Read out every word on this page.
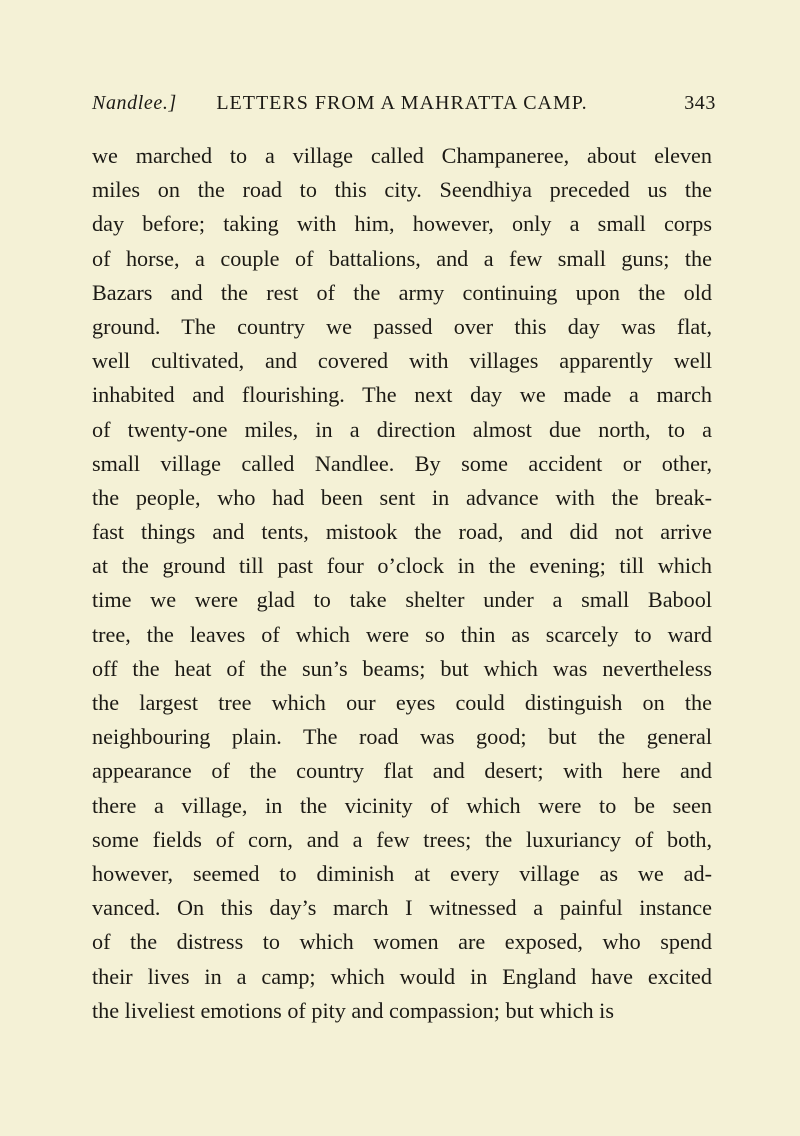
Nandlee.]	LETTERS FROM A MAHRATTA CAMP.	343
we marched to a village called Champaneree, about eleven
miles on the road to this city. Seendhiya preceded us the
day before; taking with him, however, only a small corps
of horse, a couple of battalions, and a few small guns; the
Bazars and the rest of the army continuing upon the old
ground. The country we passed over this day was flat,
well cultivated, and covered with villages apparently well
inhabited and flourishing. The next day we made a march
of twenty-one miles, in a direction almost due north, to a
small village called Nandlee. By some accident or other,
the people, who had been sent in advance with the break-
fast things and tents, mistook the road, and did not arrive
at the ground till past four o’clock in the evening; till which
time we were glad to take shelter under a small Babool
tree, the leaves of which were so thin as scarcely to ward
off the heat of the sun’s beams; but which was nevertheless
the largest tree which our eyes could distinguish on the
neighbouring plain. The road was good; but the general
appearance of the country flat and desert; with here and
there a village, in the vicinity of which were to be seen
some fields of corn, and a few trees; the luxuriancy of both,
however, seemed to diminish at every village as we ad-
vanced. On this day’s march I witnessed a painful instance
of the distress to which women are exposed, who spend
their lives in a camp; which would in England have excited
the liveliest emotions of pity and compassion; but which is
